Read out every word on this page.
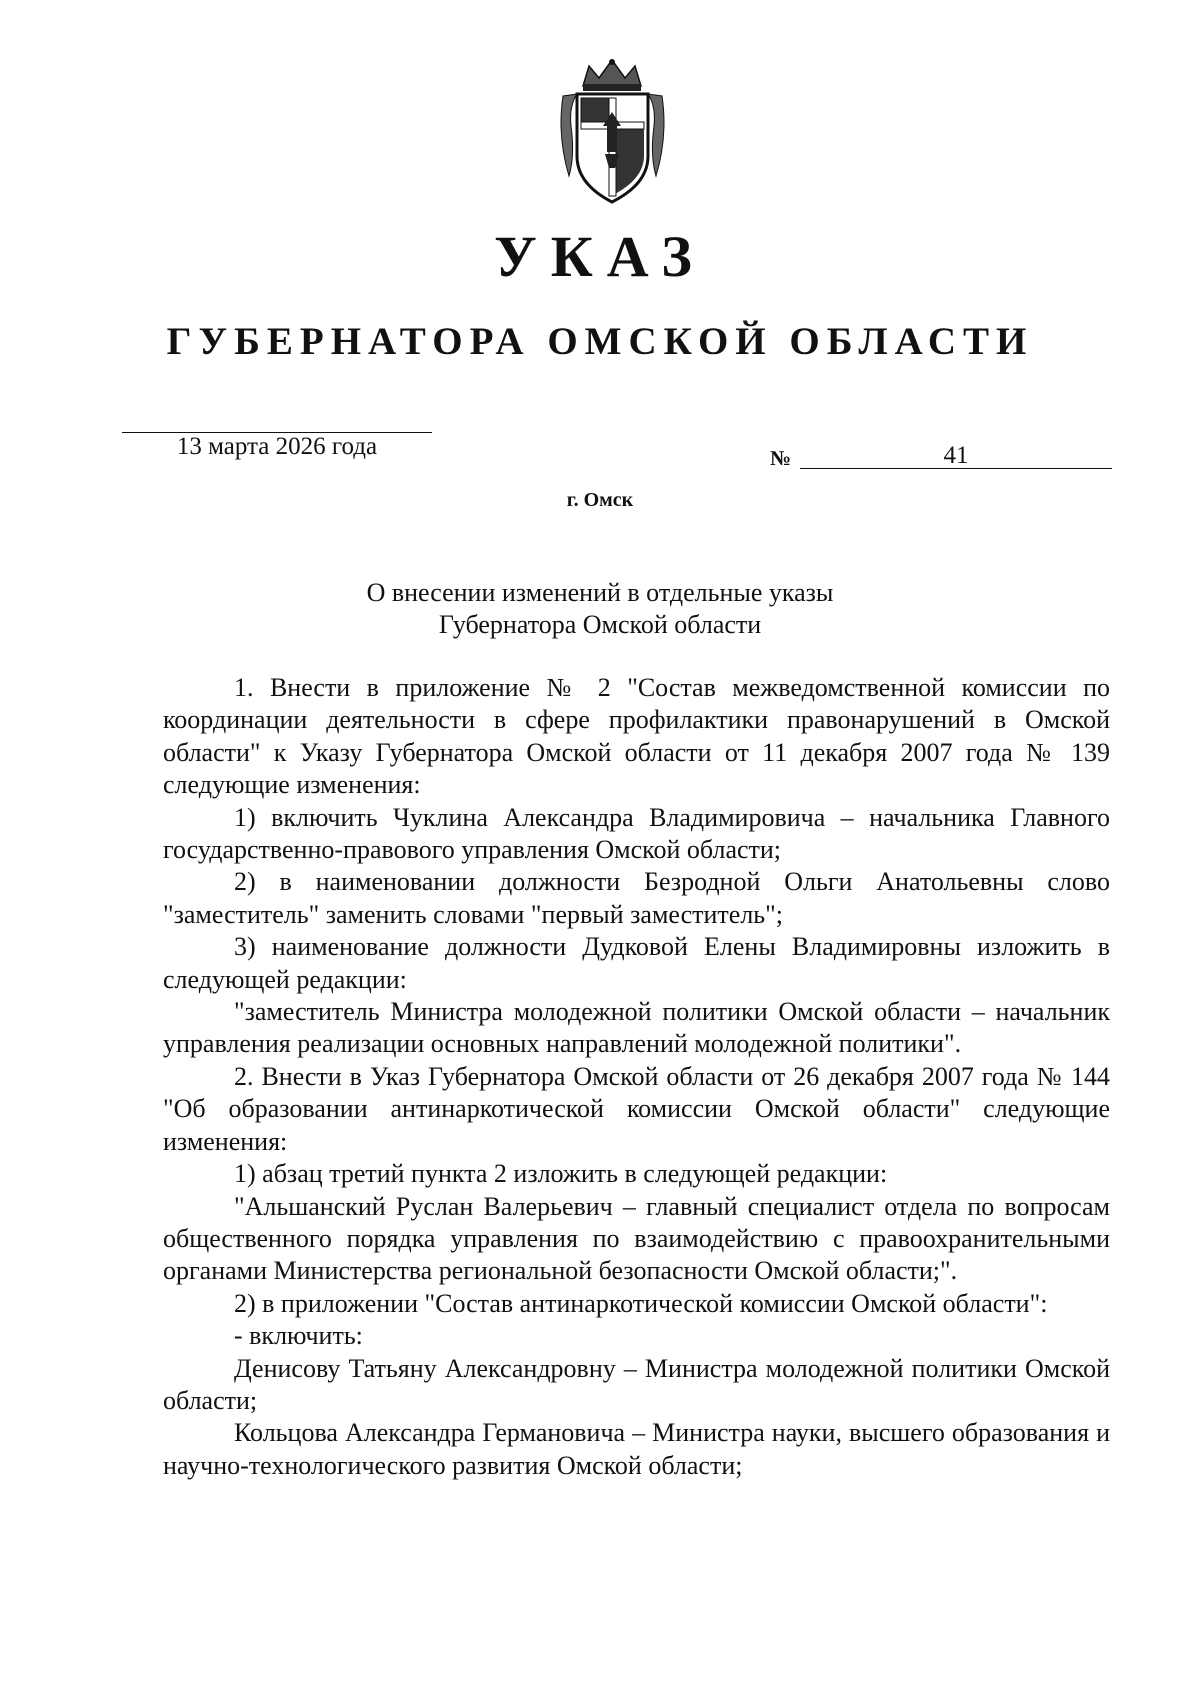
УКАЗ
ГУБЕРНАТОРА ОМСКОЙ ОБЛАСТИ
13 марта 2026 года	№	41
г. Омск
О внесении изменений в отдельные указы
Губернатора Омской области

1. Внести в приложение № 2 "Состав межведомственной комиссии по координации деятельности в сфере профилактики правонарушений в Омской области" к Указу Губернатора Омской области от 11 декабря 2007 года № 139 следующие изменения:

1) включить Чуклина Александра Владимировича – начальника Главного государственно-правового управления Омской области;

2) в наименовании должности Безродной Ольги Анатольевны слово "заместитель" заменить словами "первый заместитель";

3) наименование должности Дудковой Елены Владимировны изложить в следующей редакции:

"заместитель Министра молодежной политики Омской области – начальник управления реализации основных направлений молодежной политики".

2. Внести в Указ Губернатора Омской области от 26 декабря 2007 года № 144 "Об образовании антинаркотической комиссии Омской области" следующие изменения:

1) абзац третий пункта 2 изложить в следующей редакции:

"Альшанский Руслан Валерьевич – главный специалист отдела по вопросам общественного порядка управления по взаимодействию с правоохранительными органами Министерства региональной безопасности Омской области;".

2) в приложении "Состав антинаркотической комиссии Омской области":

- включить:

Денисову Татьяну Александровну – Министра молодежной политики Омской области;

Кольцова Александра Германовича – Министра науки, высшего образования и научно-технологического развития Омской области;
